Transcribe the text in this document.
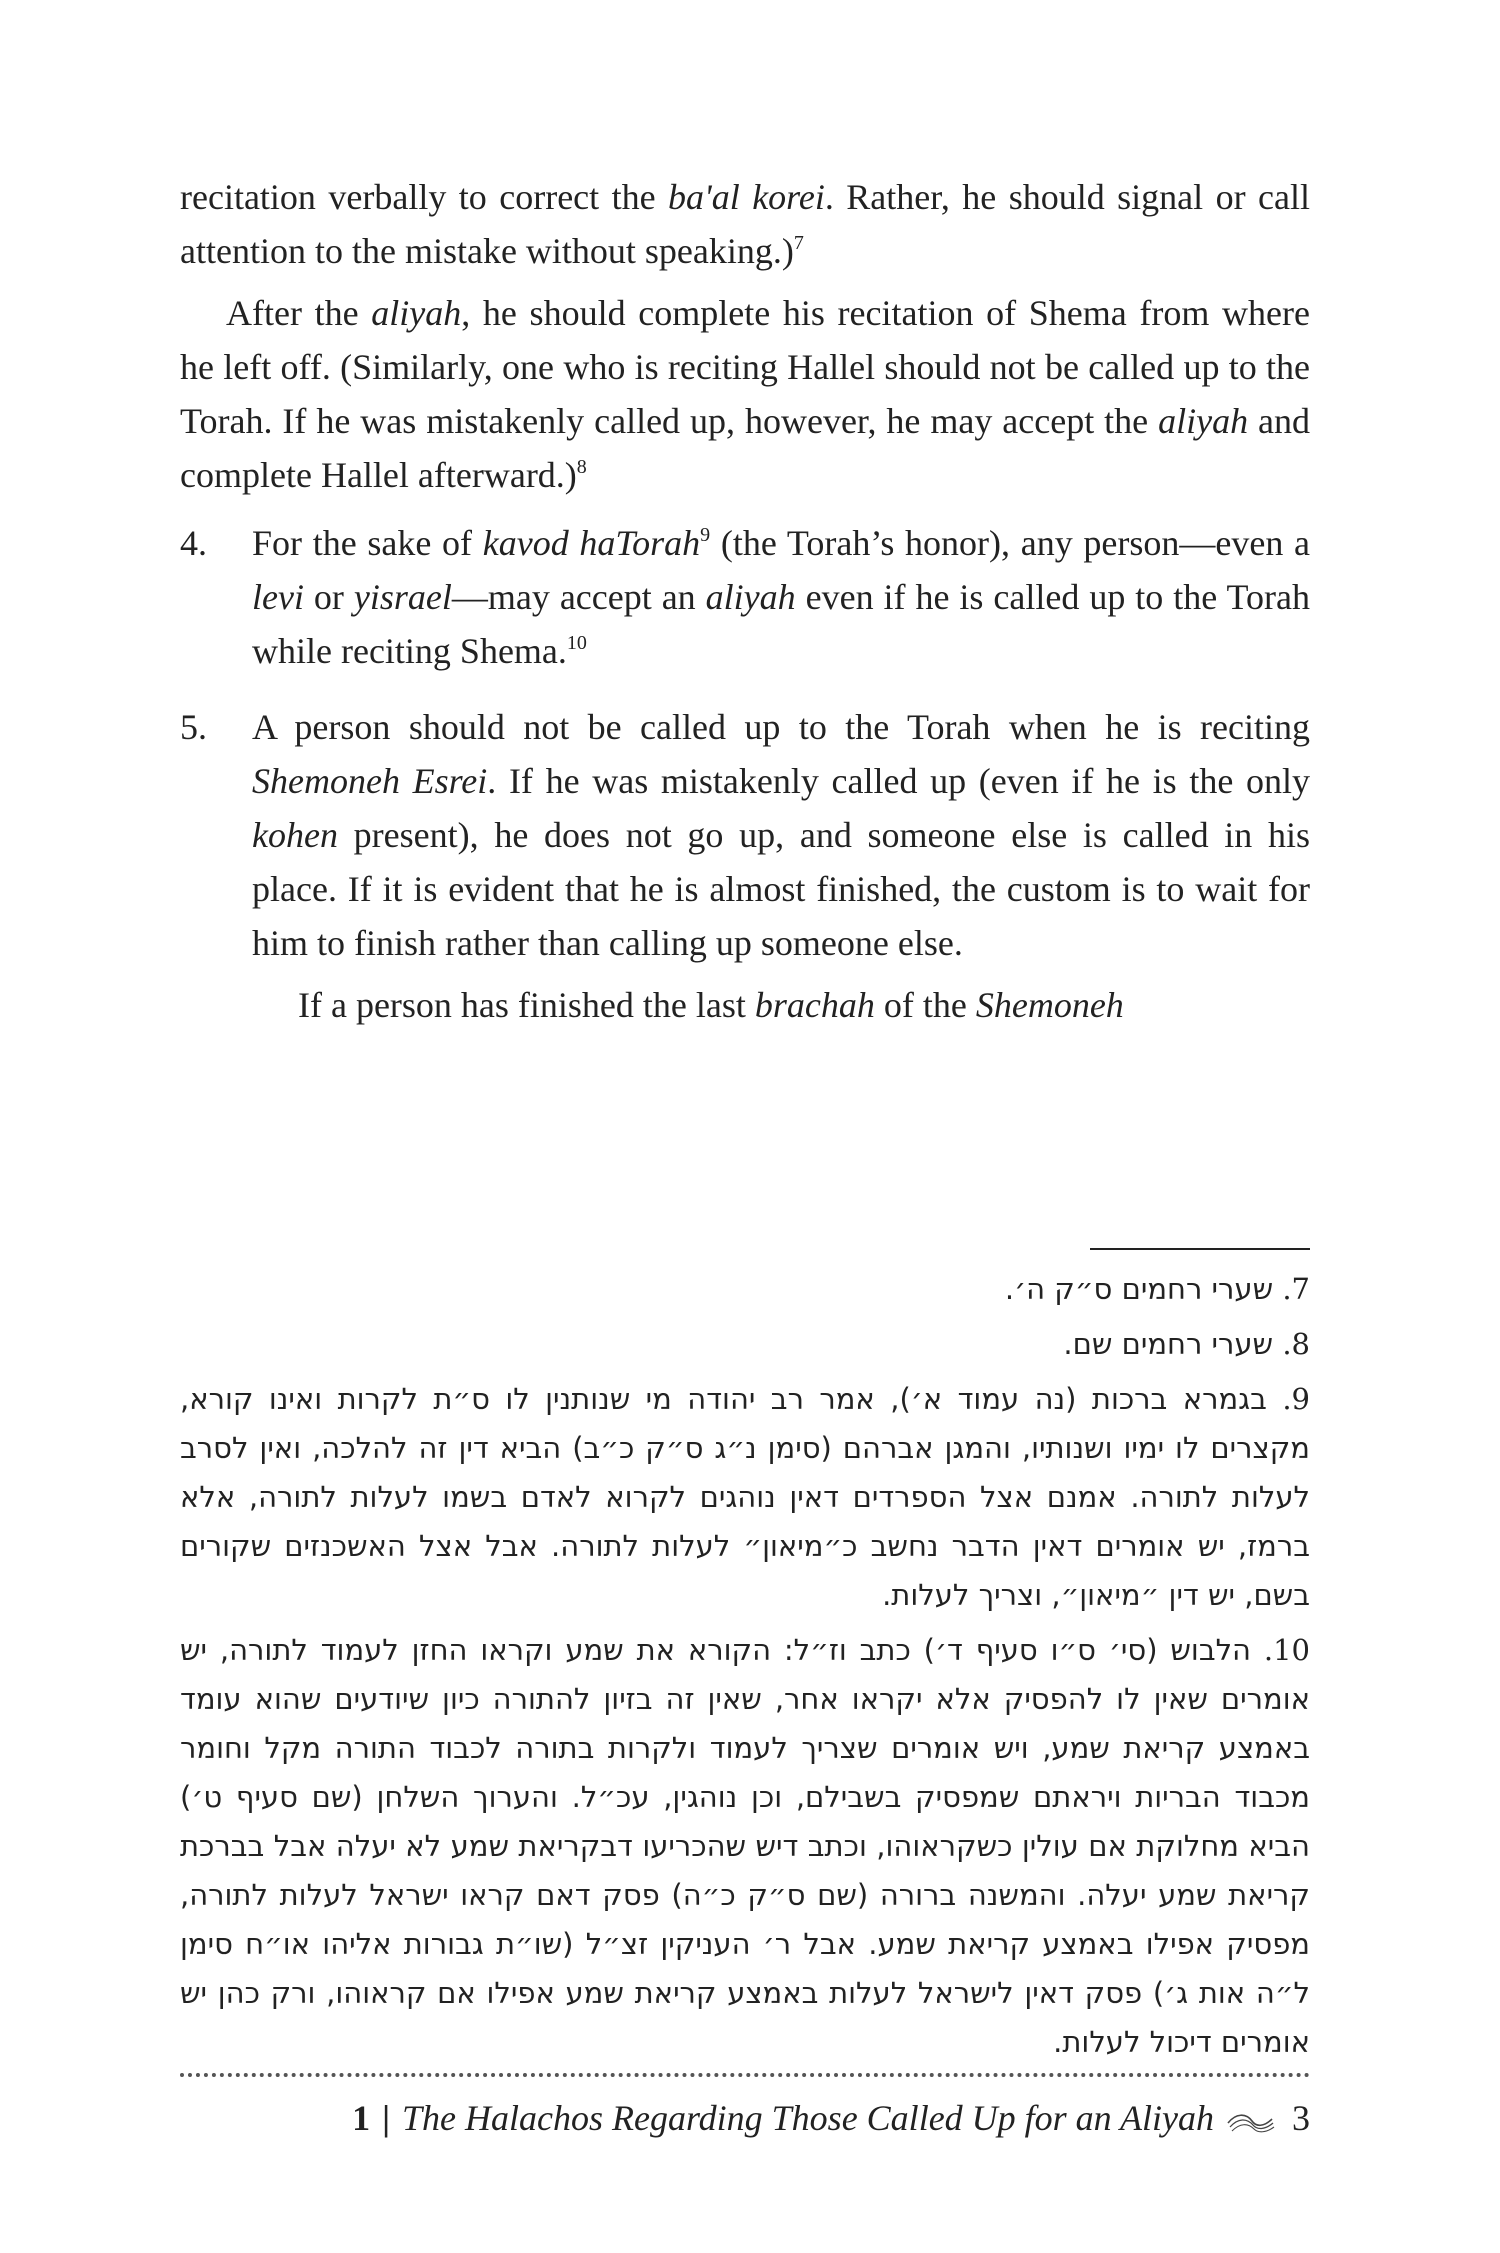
recitation verbally to correct the ba'al korei. Rather, he should signal or call attention to the mistake without speaking.)$^7$

After the aliyah, he should complete his recitation of Shema from where he left off. (Similarly, one who is reciting Hallel should not be called up to the Torah. If he was mistakenly called up, however, he may accept the aliyah and complete Hallel afterward.)$^8$

4.	For the sake of kavod haTorah$^9$ (the Torah’s honor), any person—even a levi or yisrael—may accept an aliyah even if he is called up to the Torah while reciting Shema.$^{10}$

5.	A person should not be called up to the Torah when he is reciting Shemoneh Esrei. If he was mistakenly called up (even if he is the only kohen present), he does not go up, and someone else is called in his place. If it is evident that he is almost finished, the custom is to wait for him to finish rather than calling up someone else.

If a person has finished the last brachah of the Shemoneh

7. שערי רחמים ס״ק ה׳.

8. שערי רחמים שם.

9. בגמרא ברכות (נה עמוד א׳), אמר רב יהודה מי שנותנין לו ס״ת לקרות ואינו קורא, מקצרים לו ימיו ושנותיו, והמגן אברהם (סימן נ״ג ס״ק כ״ב) הביא דין זה להלכה, ואין לסרב לעלות לתורה. אמנם אצל הספרדים דאין נוהגים לקרוא לאדם בשמו לעלות לתורה, אלא ברמז, יש אומרים דאין הדבר נחשב כ״מיאון״ לעלות לתורה. אבל אצל האשכנזים שקורים בשם, יש דין ״מיאון״, וצריך לעלות.

10. הלבוש (סי׳ ס״ו סעיף ד׳) כתב וז״ל: הקורא את שמע וקראו החזן לעמוד לתורה, יש אומרים שאין לו להפסיק אלא יקראו אחר, שאין זה בזיון להתורה כיון שיודעים שהוא עומד באמצע קריאת שמע, ויש אומרים שצריך לעמוד ולקרות בתורה לכבוד התורה מקל וחומר מכבוד הבריות ויראתם שמפסיק בשבילם, וכן נוהגין, עכ״ל. והערוך השלחן (שם סעיף ט׳) הביא מחלוקת אם עולין כשקראוהו, וכתב דיש שהכריעו דבקריאת שמע לא יעלה אבל בברכת קריאת שמע יעלה. והמשנה ברורה (שם ס״ק כ״ה) פסק דאם קראו ישראל לעלות לתורה, מפסיק אפילו באמצע קריאת שמע. אבל ר׳ העניקין זצ״ל (שו״ת גבורות אליהו או״ח סימן ל״ה אות ג׳) פסק דאין לישראל לעלות באמצע קריאת שמע אפילו אם קראוהו, ורק כהן יש אומרים דיכול לעלות.

1 | The Halachos Regarding Those Called Up for an Aliyah 3
